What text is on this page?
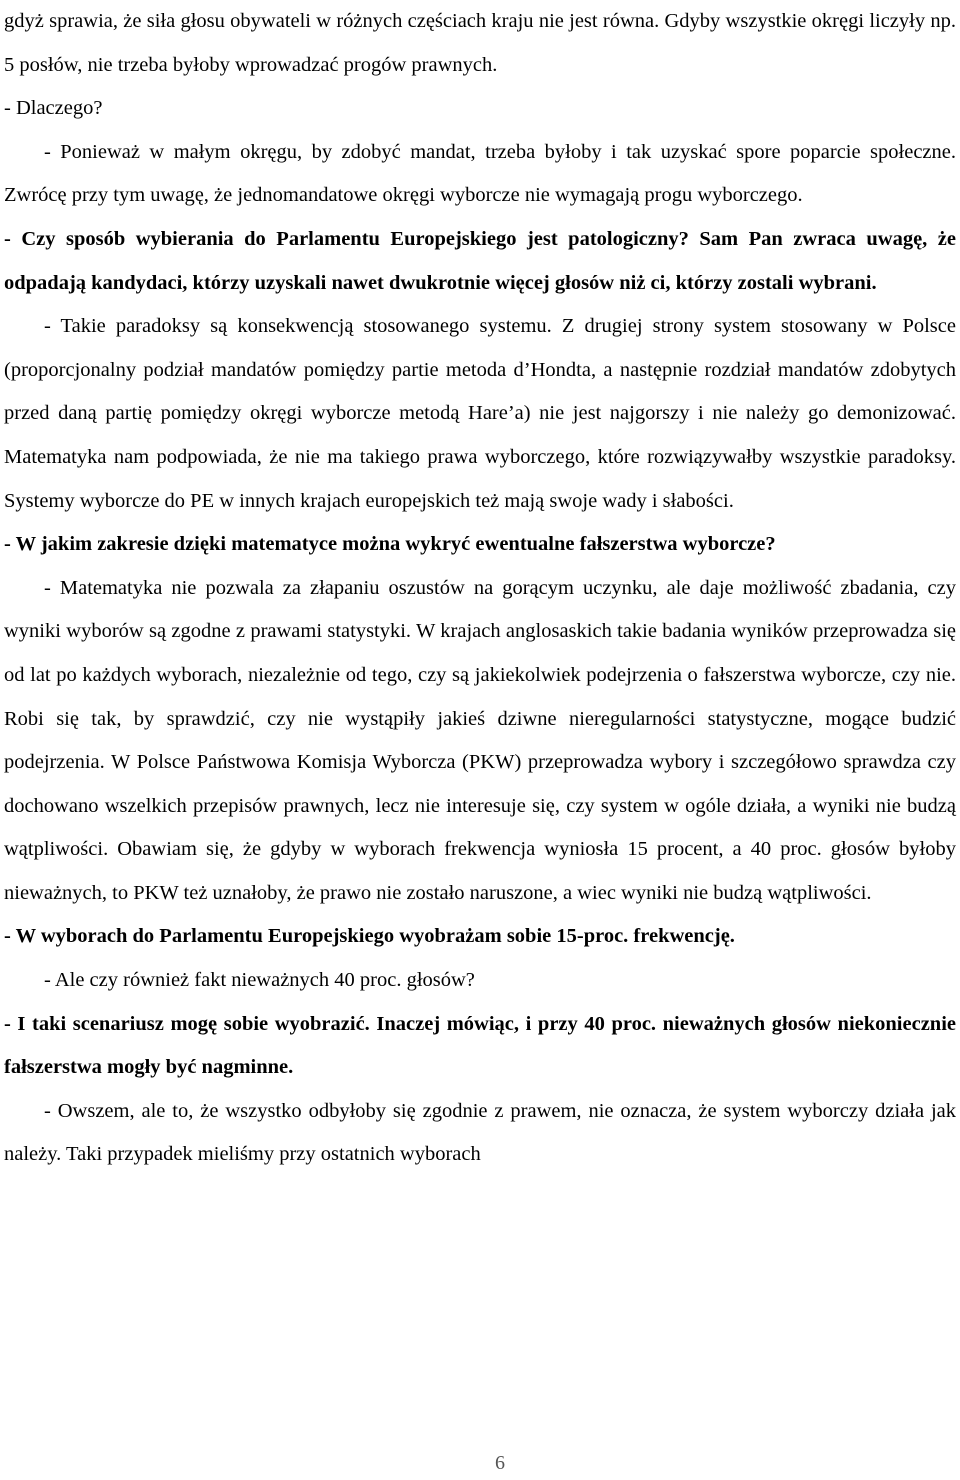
gdyż sprawia, że siła głosu obywateli w różnych częściach kraju nie jest równa. Gdyby wszystkie okręgi liczyły np. 5 posłów, nie trzeba byłoby wprowadzać progów prawnych.

- Dlaczego?

- Ponieważ w małym okręgu, by zdobyć mandat, trzeba byłoby i tak uzyskać spore poparcie społeczne. Zwrócę przy tym uwagę, że jednomandatowe okręgi wyborcze nie wymagają progu wyborczego.

- Czy sposób wybierania do Parlamentu Europejskiego jest patologiczny? Sam Pan zwraca uwagę, że odpadają kandydaci, którzy uzyskali nawet dwukrotnie więcej głosów niż ci, którzy zostali wybrani.

- Takie paradoksy są konsekwencją stosowanego systemu. Z drugiej strony system stosowany w Polsce (proporcjonalny podział mandatów pomiędzy partie metoda d’Hondta, a następnie rozdział mandatów zdobytych przed daną partię pomiędzy okręgi wyborcze metodą Hare’a) nie jest najgorszy i nie należy go demonizować. Matematyka nam podpowiada, że nie ma takiego prawa wyborczego, które rozwiązywałby wszystkie paradoksy. Systemy wyborcze do PE w innych krajach europejskich też mają swoje wady i słabości.

- W jakim zakresie dzięki matematyce można wykryć ewentualne fałszerstwa wyborcze?

- Matematyka nie pozwala za złapaniu oszustów na gorącym uczynku, ale daje możliwość zbadania, czy wyniki wyborów są zgodne z prawami statystyki. W krajach anglosaskich takie badania wyników przeprowadza się od lat po każdych wyborach, niezależnie od tego, czy są jakiekolwiek podejrzenia o fałszerstwa wyborcze, czy nie. Robi się tak, by sprawdzić, czy nie wystąpiły jakieś dziwne nieregularności statystyczne, mogące budzić podejrzenia. W Polsce Państwowa Komisja Wyborcza (PKW) przeprowadza wybory i szczegółowo sprawdza czy dochowano wszelkich przepisów prawnych, lecz nie interesuje się, czy system w ogóle działa, a wyniki nie budzą wątpliwości. Obawiam się, że gdyby w wyborach frekwencja wyniosła 15 procent, a 40 proc. głosów byłoby nieważnych, to PKW też uznałoby, że prawo nie zostało naruszone, a wiec wyniki nie budzą wątpliwości.

- W wyborach do Parlamentu Europejskiego wyobrażam sobie 15-proc. frekwencję.

- Ale czy również fakt nieważnych 40 proc. głosów?

- I taki scenariusz mogę sobie wyobrazić. Inaczej mówiąc, i przy 40 proc. nieważnych głosów niekoniecznie fałszerstwa mogły być nagminne.

- Owszem, ale to, że wszystko odbyłoby się zgodnie z prawem, nie oznacza, że system wyborczy działa jak należy. Taki przypadek mieliśmy przy ostatnich wyborach

6
